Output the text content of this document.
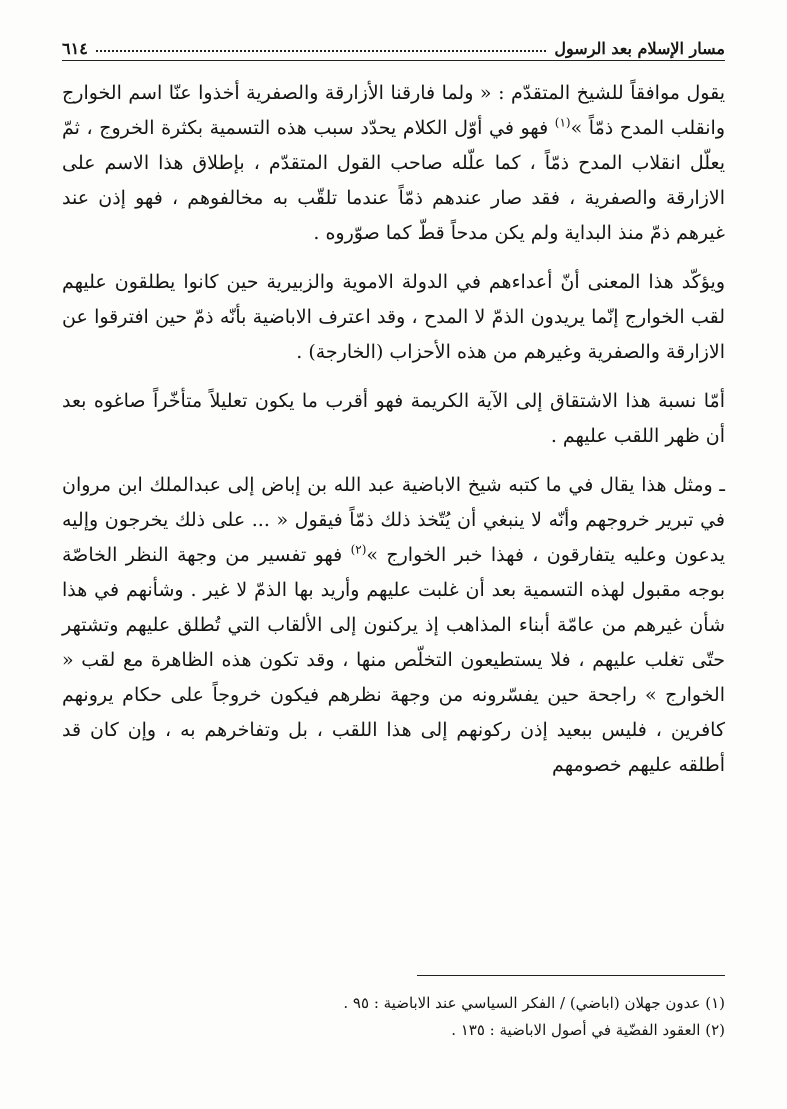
مسار الإسلام بعد الرسول
٦١٤

يقول موافقاً للشيخ المتقدّم : « ولما فارقنا الأزارقة والصفرية أخذوا عنّا اسم الخوارج وانقلب المدح ذمّاً »$^{(١)}$ فهو في أوّل الكلام يحدّد سبب هذه التسمية بكثرة الخروج ، ثمّ يعلّل انقلاب المدح ذمّاً ، كما علّله صاحب القول المتقدّم ، بإطلاق هذا الاسم على الازارقة والصفرية ، فقد صار عندهم ذمّاً عندما تلقّب به مخالفوهم ، فهو إذن عند غيرهم ذمّ منذ البداية ولم يكن مدحاً قطّ كما صوّروه .

ويؤكّد هذا المعنى أنّ أعداءهم في الدولة الاموية والزبيرية حين كانوا يطلقون عليهم لقب الخوارج إنّما يريدون الذمّ لا المدح ، وقد اعترف الاباضية بأنّه ذمّ حين افترقوا عن الازارقة والصفرية وغيرهم من هذه الأحزاب (الخارجة) .

أمّا نسبة هذا الاشتقاق إلى الآية الكريمة فهو أقرب ما يكون تعليلاً متأخّراً صاغوه بعد أن ظهر اللقب عليهم .

ـ ومثل هذا يقال في ما كتبه شيخ الاباضية عبد الله بن إباض إلى عبدالملك ابن مروان في تبرير خروجهم وأنّه لا ينبغي أن يُتّخذ ذلك ذمّاً فيقول « ... على ذلك يخرجون وإليه يدعون وعليه يتفارقون ، فهذا خبر الخوارج »$^{(٢)}$ فهو تفسير من وجهة النظر الخاصّة بوجه مقبول لهذه التسمية بعد أن غلبت عليهم وأريد بها الذمّ لا غير . وشأنهم في هذا شأن غيرهم من عامّة أبناء المذاهب إذ يركنون إلى الألقاب التي تُطلق عليهم وتشتهر حتّى تغلب عليهم ، فلا يستطيعون التخلّص منها ، وقد تكون هذه الظاهرة مع لقب « الخوارج » راجحة حين يفسّرونه من وجهة نظرهم فيكون خروجاً على حكام يرونهم كافرين ، فليس ببعيد إذن ركونهم إلى هذا اللقب ، بل وتفاخرهم به ، وإن كان قد أطلقه عليهم خصومهم

(١) عدون جهلان (اباضي) / الفكر السياسي عند الاباضية : ٩٥ .
(٢) العقود الفضّية في أصول الاباضية : ١٣٥ .
